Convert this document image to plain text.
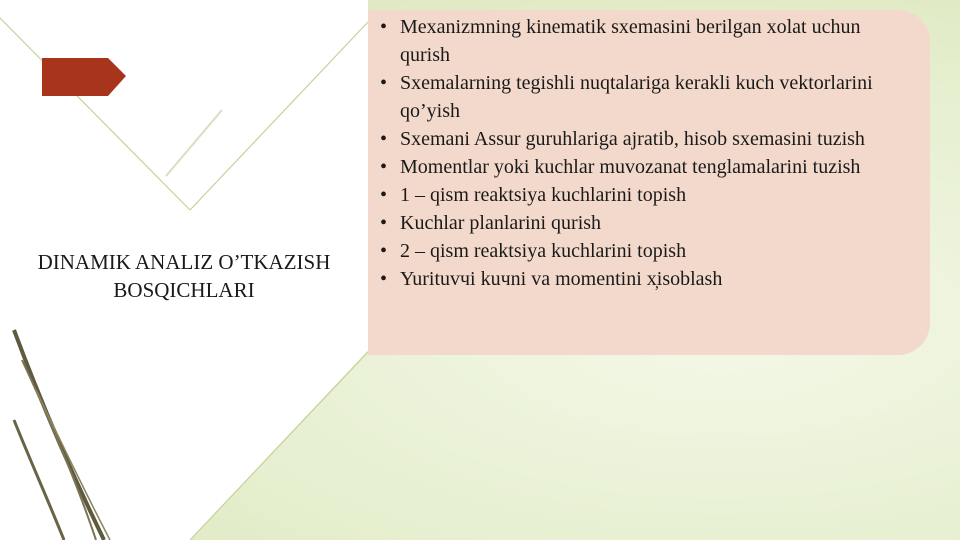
DINAMIK ANALIZ O’TKAZISH
BOSQICHLARI
• Mexanizmning kinematik sxemasini berilgan xolat uchun qurish
• Sxemalarning tegishli nuqtalariga kerakli kuch vektorlarini qo’yish
• Sxemani Assur guruhlariga ajratib, hisob sxemasini tuzish
• Momentlar yoki kuchlar muvozanat tenglamalarini tuzish
• 1 – qism reaktsiya kuchlarini topish
• Kuchlar planlarini qurish
• 2 – qism reaktsiya kuchlarini topish
• Yurituvчi kuчni va momentini х̦isoblash
